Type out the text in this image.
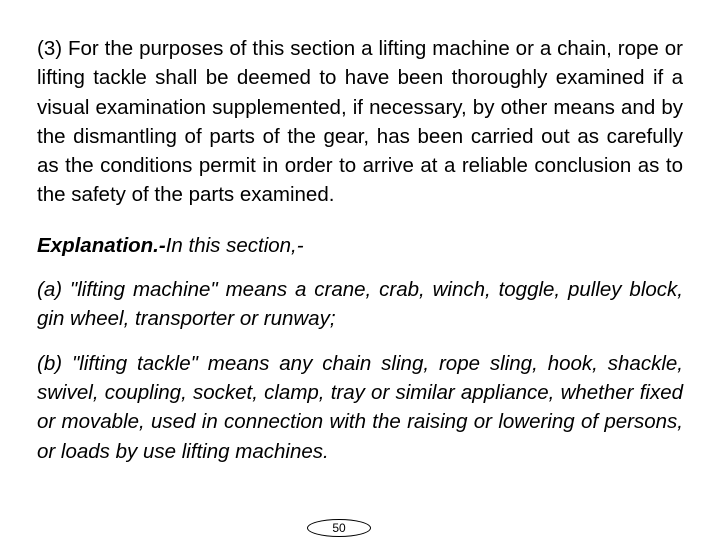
(3) For the purposes of this section a lifting machine or a chain, rope or lifting tackle shall be deemed to have been thoroughly examined if a visual examination supplemented, if necessary, by other means and by the dismantling of parts of the gear, has been carried out as carefully as the conditions permit in order to arrive at a reliable conclusion as to the safety of the parts examined.

Explanation.-In this section,-

(a) "lifting machine" means a crane, crab, winch, toggle, pulley block, gin wheel, transporter or runway;

(b) "lifting tackle" means any chain sling, rope sling, hook, shackle, swivel, coupling, socket, clamp, tray or similar appliance, whether fixed or movable, used in connection with the raising or lowering of persons, or loads by use lifting machines.

50
